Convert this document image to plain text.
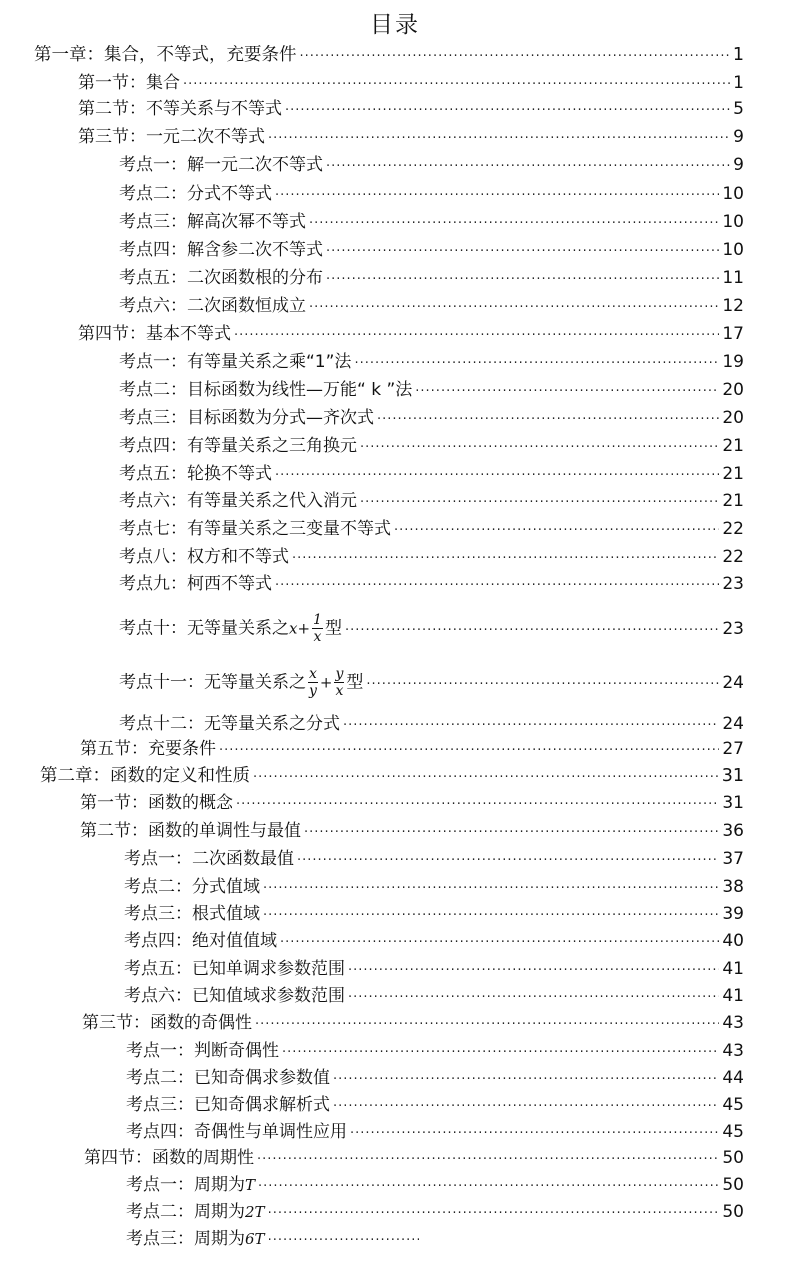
目录
第一章：集合，不等式，充要条件 ·····	1
第一节：集合 ·····	1
第二节：不等关系与不等式 ·····	5
第三节：一元二次不等式 ·····	9
考点一：解一元二次不等式 ·····	9
考点二：分式不等式 ·····	10
考点三：解高次幂不等式 ·····	10
考点四：解含参二次不等式 ·····	10
考点五：二次函数根的分布 ·····	11
考点六：二次函数恒成立 ·····	12
第四节：基本不等式 ·····	17
考点一：有等量关系之乘“1”法 ·····	19
考点二：目标函数为线性—万能“ k ”法 ·····	20
考点三：目标函数为分式—齐次式 ·····	20
考点四：有等量关系之三角换元 ·····	21
考点五：轮换不等式 ·····	21
考点六：有等量关系之代入消元 ·····	21
考点七：有等量关系之三变量不等式 ·····	22
考点八：权方和不等式 ·····	22
考点九：柯西不等式 ·····	23
考点十：无等量关系之$x+ \frac{1}{x}$ 型 ·····	23
考点十一：无等量关系之 $\frac{x}{y} + \frac{y}{x}$ 型 ·····	24
考点十二：无等量关系之分式 ·····	24
第五节：充要条件 ·····	27
第二章：函数的定义和性质 ·····	31
第一节：函数的概念 ·····	31
第二节：函数的单调性与最值 ·····	36
考点一：二次函数最值 ·····	37
考点二：分式值域 ·····	38
考点三：根式值域 ·····	39
考点四：绝对值值域 ·····	40
考点五：已知单调求参数范围 ·····	41
考点六：已知值域求参数范围 ·····	41
第三节：函数的奇偶性 ·····	43
考点一：判断奇偶性 ·····	43
考点二：已知奇偶求参数值 ·····	44
考点三：已知奇偶求解析式 ·····	45
考点四：奇偶性与单调性应用 ·····	45
第四节：函数的周期性 ·····	50
考点一：周期为T ·····	50
考点二：周期为2T ·····	50
考点三：周期为6T
·····
